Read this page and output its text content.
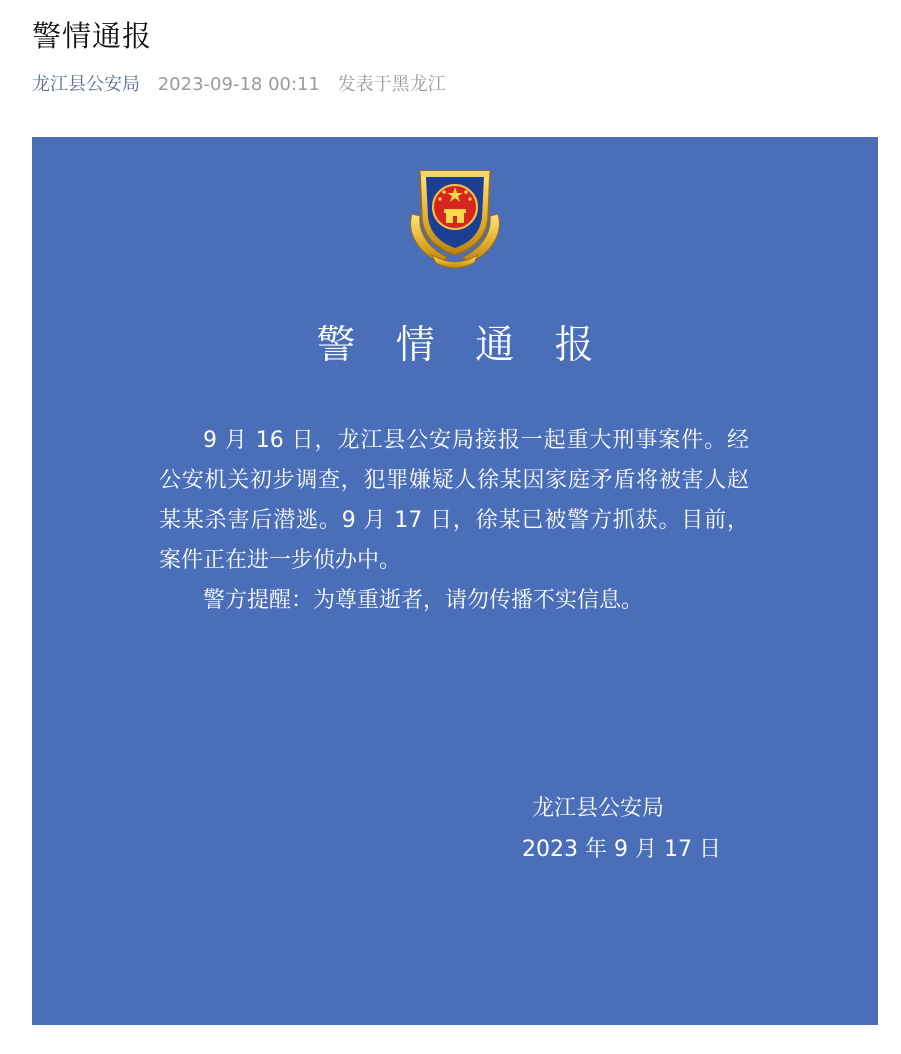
警情通报
龙江县公安局 2023-09-18 00:11 发表于黑龙江
警 情 通 报

9 月 16 日，龙江县公安局接报一起重大刑事案件。经公安机关初步调查，犯罪嫌疑人徐某因家庭矛盾将被害人赵某某杀害后潜逃。9 月 17 日，徐某已被警方抓获。目前，案件正在进一步侦办中。

警方提醒：为尊重逝者，请勿传播不实信息。

龙江县公安局
2023 年 9 月 17 日
